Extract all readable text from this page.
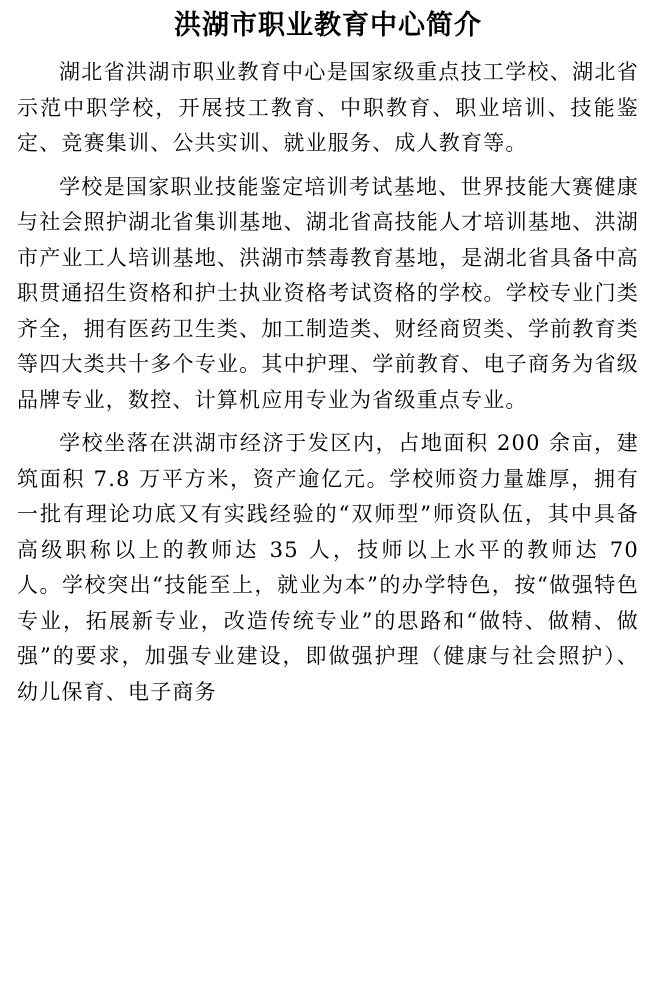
洪湖市职业教育中心简介

湖北省洪湖市职业教育中心是国家级重点技工学校、湖北省示范中职学校，开展技工教育、中职教育、职业培训、技能鉴定、竞赛集训、公共实训、就业服务、成人教育等。

学校是国家职业技能鉴定培训考试基地、世界技能大赛健康与社会照护湖北省集训基地、湖北省高技能人才培训基地、洪湖市产业工人培训基地、洪湖市禁毒教育基地，是湖北省具备中高职贯通招生资格和护士执业资格考试资格的学校。学校专业门类齐全，拥有医药卫生类、加工制造类、财经商贸类、学前教育类等四大类共十多个专业。其中护理、学前教育、电子商务为省级品牌专业，数控、计算机应用专业为省级重点专业。

学校坐落在洪湖市经济于发区内，占地面积 200 余亩，建筑面积 7.8 万平方米，资产逾亿元。学校师资力量雄厚，拥有一批有理论功底又有实践经验的“双师型”师资队伍，其中具备高级职称以上的教师达 35 人，技师以上水平的教师达 70 人。学校突出“技能至上，就业为本”的办学特色，按“做强特色专业，拓展新专业，改造传统专业”的思路和“做特、做精、做强”的要求，加强专业建设，即做强护理（健康与社会照护）、幼儿保育、电子商务
